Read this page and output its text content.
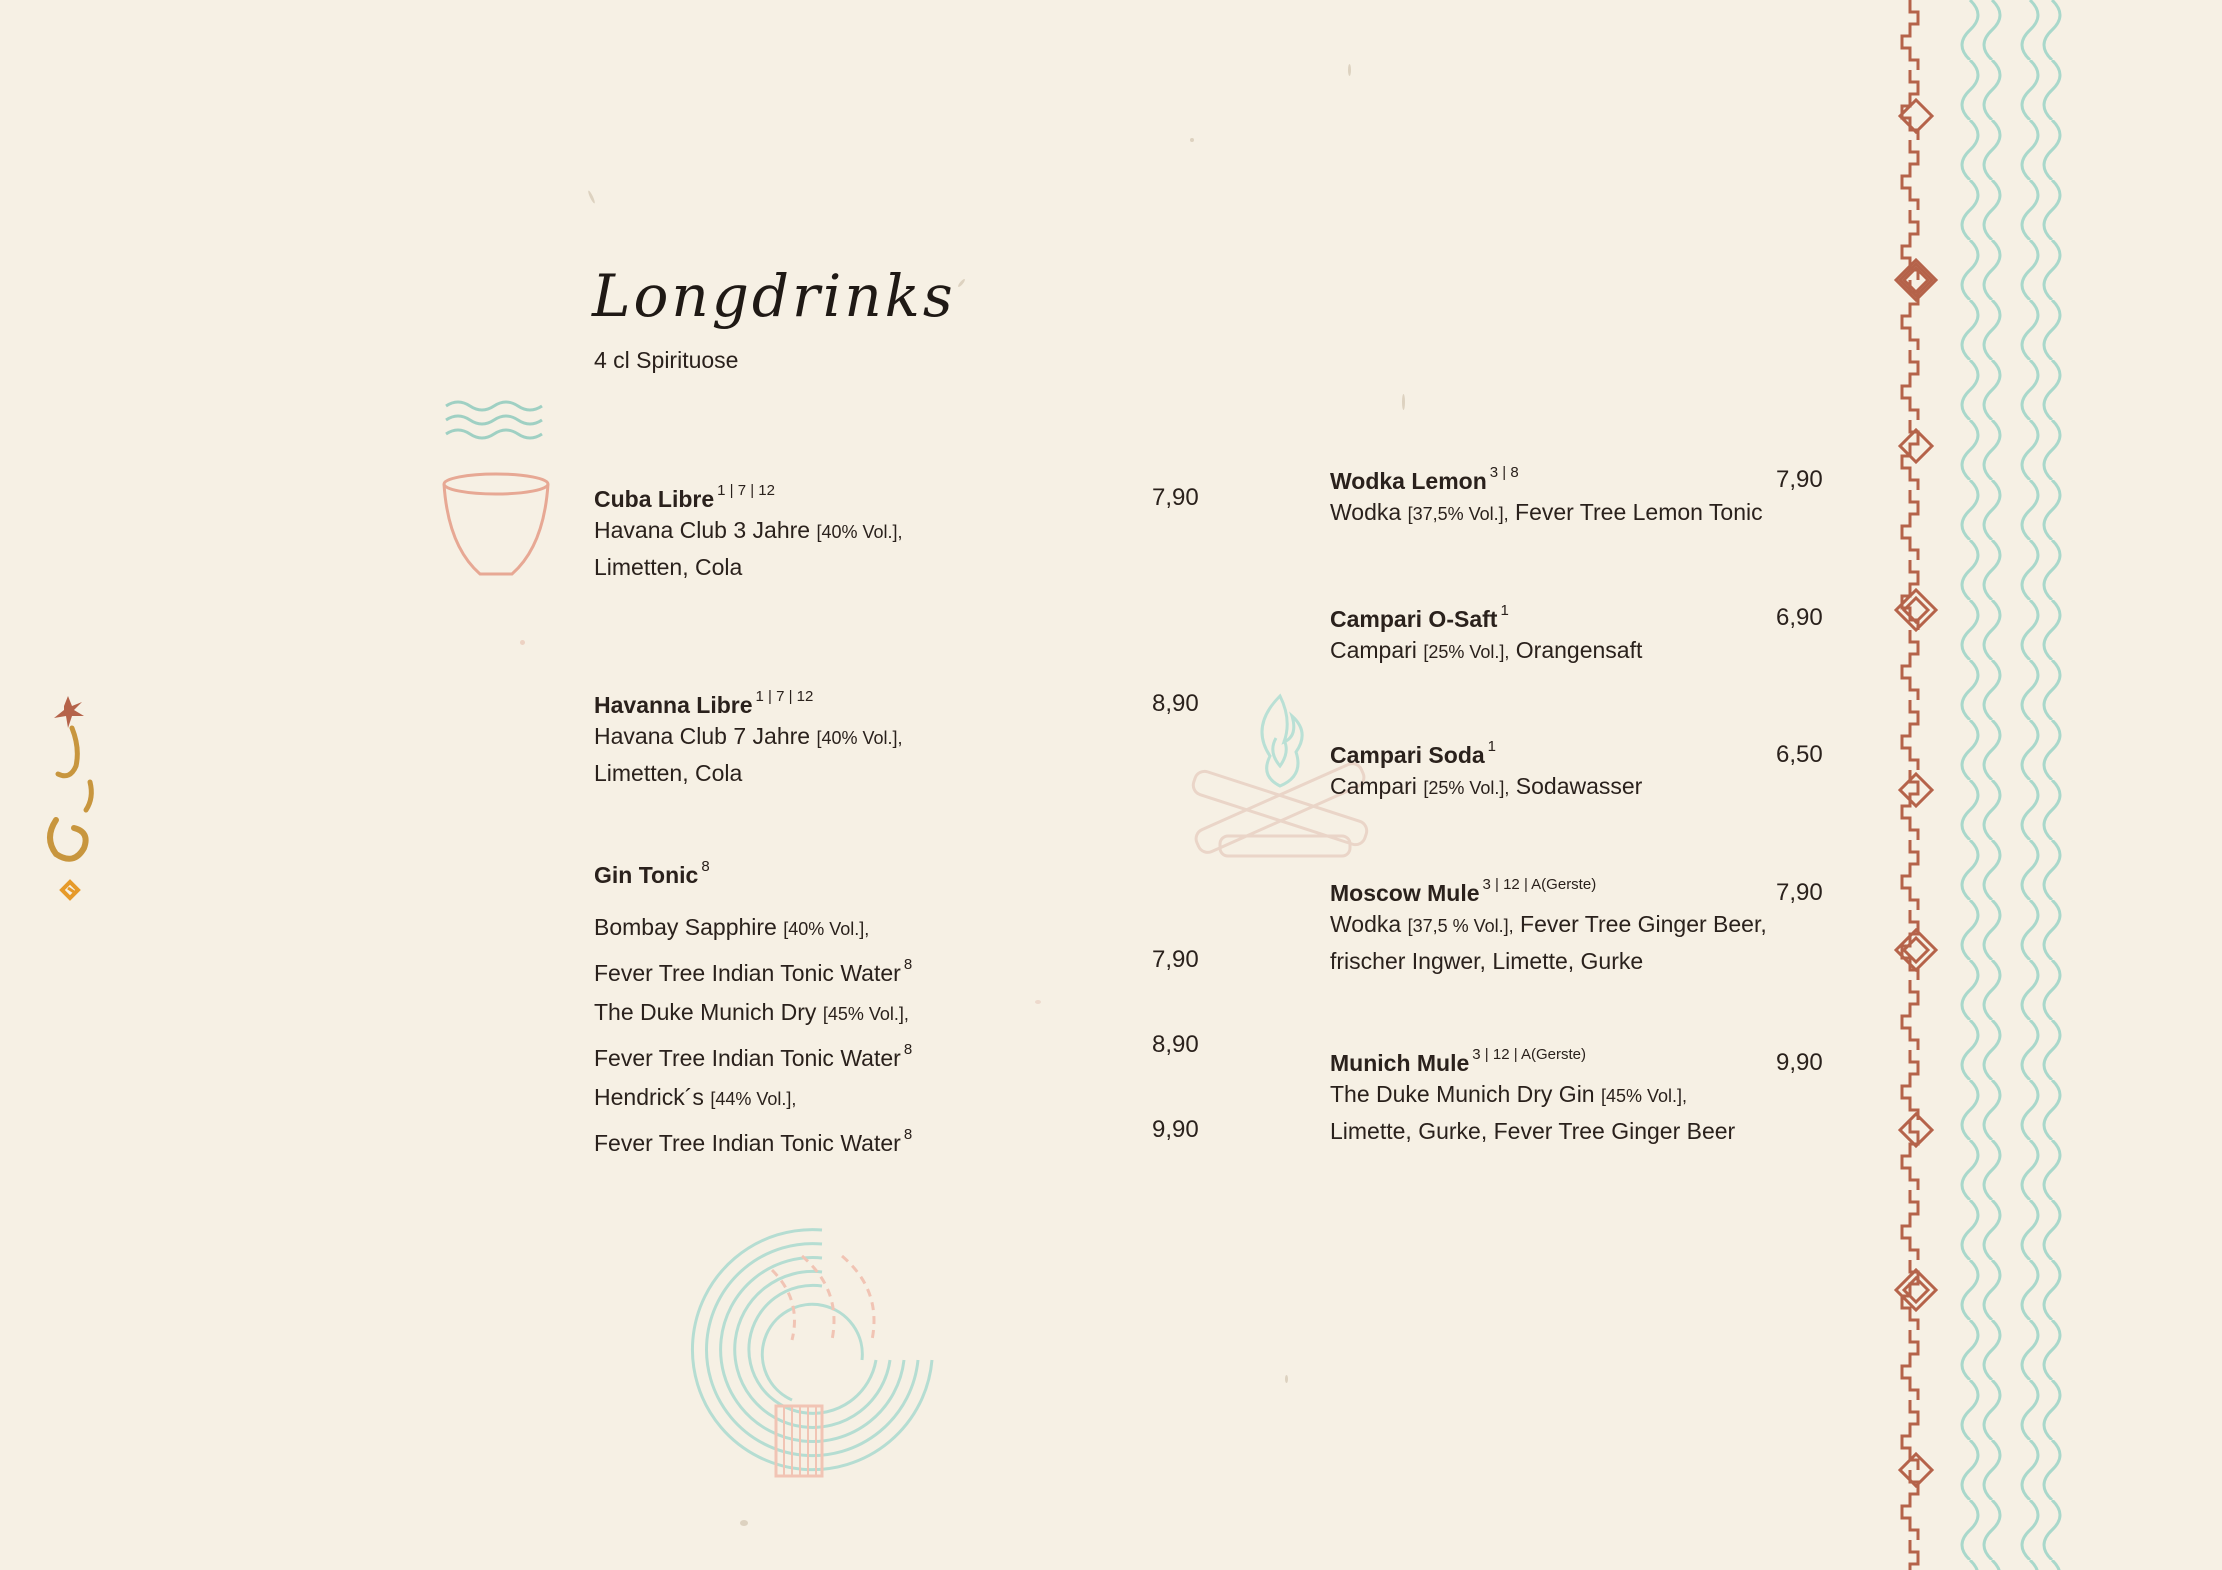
Longdrinks
4 cl Spirituose
Cuba Libre 1 | 7 | 12
Havana Club 3 Jahre [40% Vol.],
Limetten, Cola
7,90
Havanna Libre 1 | 7 | 12
Havana Club 7 Jahre [40% Vol.],
Limetten, Cola
8,90
Gin Tonic 8
Bombay Sapphire [40% Vol.],
Fever Tree Indian Tonic Water $^8$	7,90
The Duke Munich Dry [45% Vol.],
Fever Tree Indian Tonic Water $^8$	8,90
Hendrick´s [44% Vol.],
Fever Tree Indian Tonic Water $^8$	9,90
Wodka Lemon 3 | 8
Wodka [37,5% Vol.], Fever Tree Lemon Tonic
7,90
Campari O-Saft 1
Campari [25% Vol.], Orangensaft
6,90
Campari Soda 1
Campari [25% Vol.], Sodawasser
6,50
Moscow Mule 3 | 12 | A(Gerste)
Wodka [37,5 % Vol.], Fever Tree Ginger Beer,
frischer Ingwer, Limette, Gurke
7,90
Munich Mule 3 | 12 | A(Gerste)
The Duke Munich Dry Gin [45% Vol.],
Limette, Gurke, Fever Tree Ginger Beer
9,90
